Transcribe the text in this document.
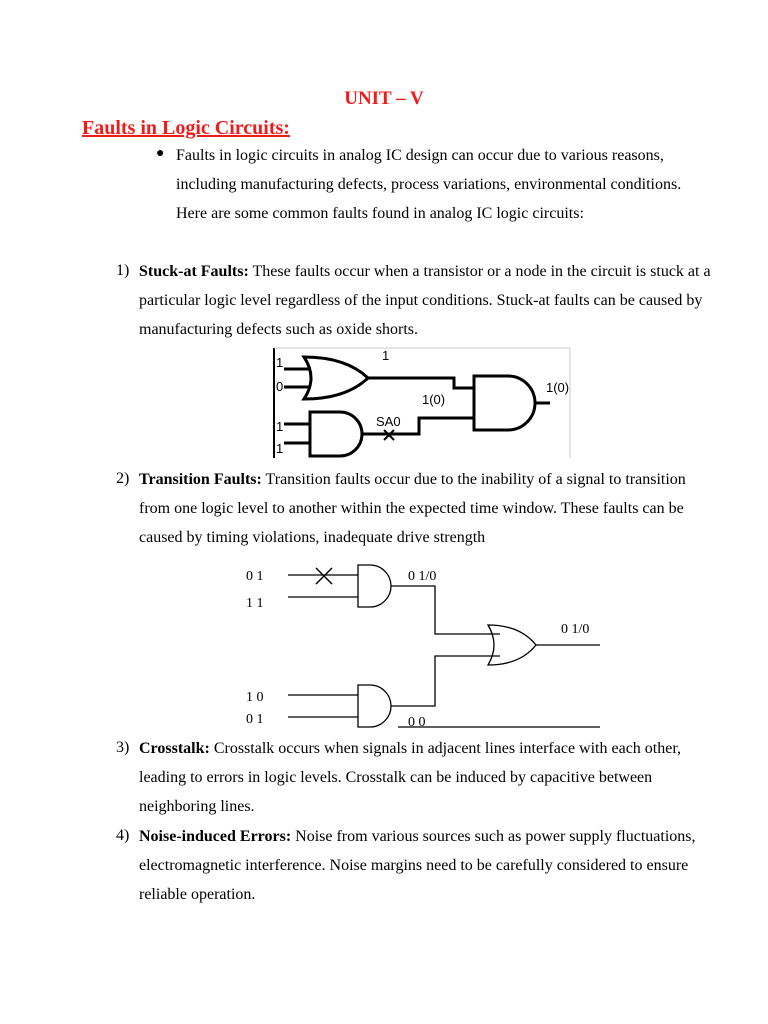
UNIT – V
Faults in Logic Circuits:
● Faults in logic circuits in analog IC design can occur due to various reasons, including manufacturing defects, process variations, environmental conditions. Here are some common faults found in analog IC logic circuits:
1) Stuck-at Faults: These faults occur when a transistor or a node in the circuit is stuck at a particular logic level regardless of the input conditions. Stuck-at faults can be caused by manufacturing defects such as oxide shorts.
1
0
1
1
1
SA0
1(0)
1(0)
2) Transition Faults: Transition faults occur due to the inability of a signal to transition from one logic level to another within the expected time window. These faults can be caused by timing violations, inadequate drive strength
0 1
1 1
0 1/0
1 0
0 1	0 0
0 1/0
3) Crosstalk: Crosstalk occurs when signals in adjacent lines interface with each other, leading to errors in logic levels. Crosstalk can be induced by capacitive between neighboring lines.
4) Noise-induced Errors: Noise from various sources such as power supply fluctuations, electromagnetic interference. Noise margins need to be carefully considered to ensure reliable operation.
